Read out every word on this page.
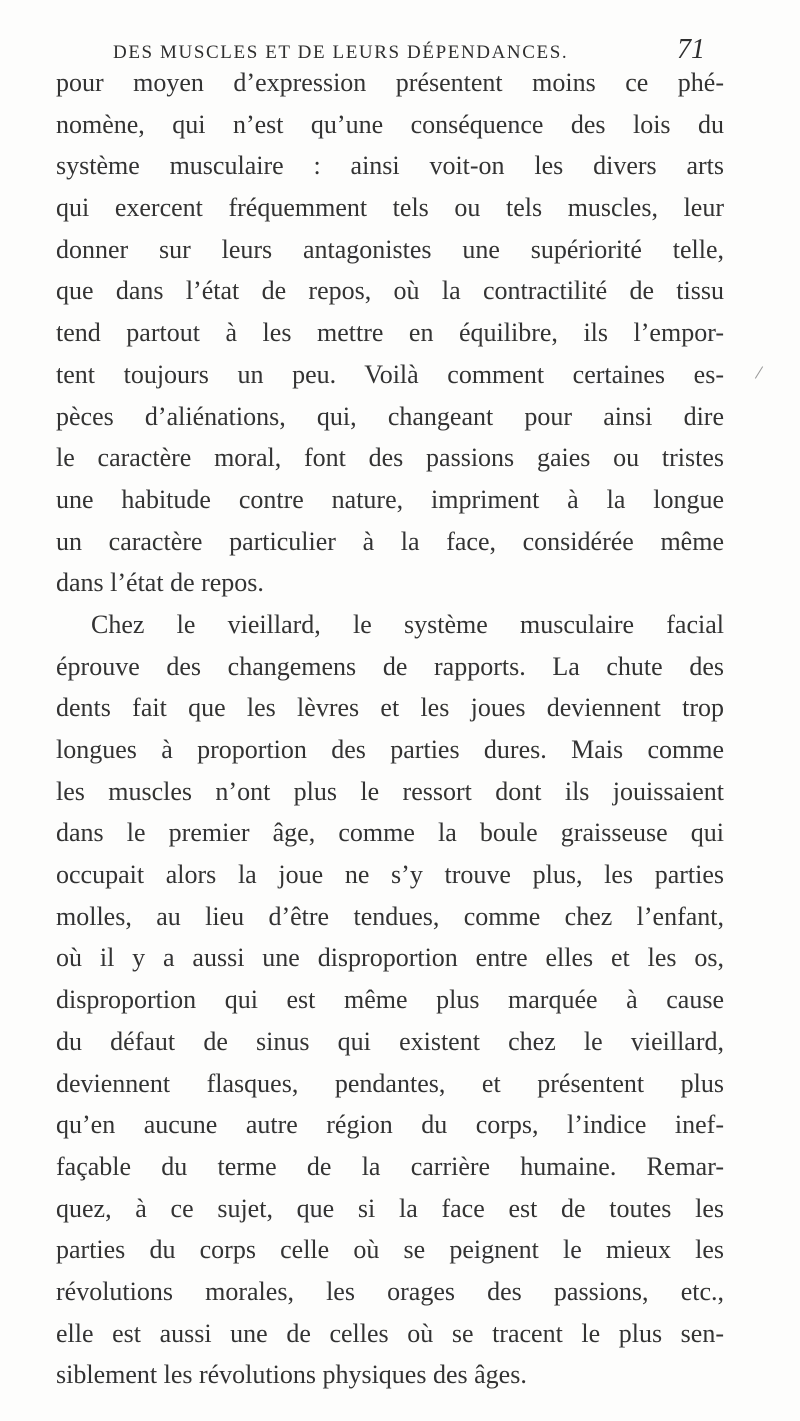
DES MUSCLES ET DE LEURS DÉPENDANCES.	71
pour moyen d’expression présentent moins ce phé-
nomène, qui n’est qu’une conséquence des lois du
système musculaire : ainsi voit-on les divers arts
qui exercent fréquemment tels ou tels muscles, leur
donner sur leurs antagonistes une supériorité telle,
que dans l’état de repos, où la contractilité de tissu
tend partout à les mettre en équilibre, ils l’empor-
tent toujours un peu. Voilà comment certaines es-
pèces d’aliénations, qui, changeant pour ainsi dire
le caractère moral, font des passions gaies ou tristes
une habitude contre nature, impriment à la longue
un caractère particulier à la face, considérée même
dans l’état de repos.
Chez le vieillard, le système musculaire facial
éprouve des changemens de rapports. La chute des
dents fait que les lèvres et les joues deviennent trop
longues à proportion des parties dures. Mais comme
les muscles n’ont plus le ressort dont ils jouissaient
dans le premier âge, comme la boule graisseuse qui
occupait alors la joue ne s’y trouve plus, les parties
molles, au lieu d’être tendues, comme chez l’enfant,
où il y a aussi une disproportion entre elles et les os,
disproportion qui est même plus marquée à cause
du défaut de sinus qui existent chez le vieillard,
deviennent flasques, pendantes, et présentent plus
qu’en aucune autre région du corps, l’indice inef-
façable du terme de la carrière humaine. Remar-
quez, à ce sujet, que si la face est de toutes les
parties du corps celle où se peignent le mieux les
révolutions morales, les orages des passions, etc.,
elle est aussi une de celles où se tracent le plus sen-
siblement les révolutions physiques des âges.
